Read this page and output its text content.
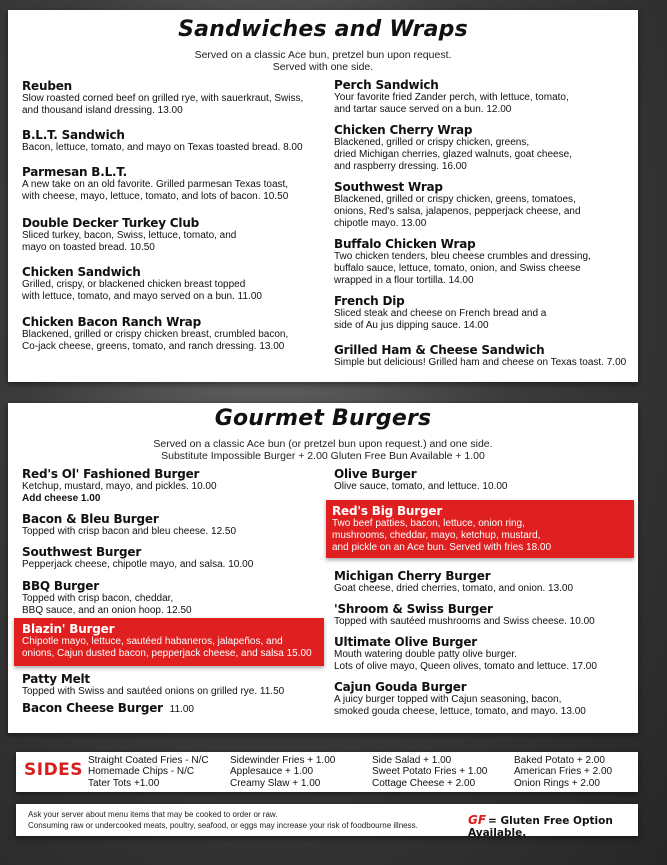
Sandwiches and Wraps
Served on a classic Ace bun, pretzel bun upon request.
Served with one side.
Reuben
Slow roasted corned beef on grilled rye, with sauerkraut, Swiss,
and thousand island dressing. 13.00
B.L.T. Sandwich
Bacon, lettuce, tomato, and mayo on Texas toasted bread. 8.00
Parmesan B.L.T.
A new take on an old favorite. Grilled parmesan Texas toast,
with cheese, mayo, lettuce, tomato, and lots of bacon. 10.50
Double Decker Turkey Club
Sliced turkey, bacon, Swiss, lettuce, tomato, and
mayo on toasted bread. 10.50
Chicken Sandwich
Grilled, crispy, or blackened chicken breast topped
with lettuce, tomato, and mayo served on a bun. 11.00
Chicken Bacon Ranch Wrap
Blackened, grilled or crispy chicken breast, crumbled bacon,
Co-jack cheese, greens, tomato, and ranch dressing. 13.00
Perch Sandwich
Your favorite fried Zander perch, with lettuce, tomato,
and tartar sauce served on a bun. 12.00
Chicken Cherry Wrap
Blackened, grilled or crispy chicken, greens,
dried Michigan cherries, glazed walnuts, goat cheese,
and raspberry dressing. 16.00
Southwest Wrap
Blackened, grilled or crispy chicken, greens, tomatoes,
onions, Red's salsa, jalapenos, pepperjack cheese, and
chipotle mayo. 13.00
Buffalo Chicken Wrap
Two chicken tenders, bleu cheese crumbles and dressing,
buffalo sauce, lettuce, tomato, onion, and Swiss cheese
wrapped in a flour tortilla. 14.00
French Dip
Sliced steak and cheese on French bread and a
side of Au jus dipping sauce. 14.00
Grilled Ham & Cheese Sandwich
Simple but delicious! Grilled ham and cheese on Texas toast. 7.00
Gourmet Burgers
Served on a classic Ace bun (or pretzel bun upon request.) and one side.
Substitute Impossible Burger + 2.00 Gluten Free Bun Available + 1.00
Red's Ol' Fashioned Burger
Ketchup, mustard, mayo, and pickles. 10.00
Add cheese 1.00
Bacon & Bleu Burger
Topped with crisp bacon and bleu cheese. 12.50
Southwest Burger
Pepperjack cheese, chipotle mayo, and salsa. 10.00
BBQ Burger
Topped with crisp bacon, cheddar,
BBQ sauce, and an onion hoop. 12.50
Blazin' Burger
Chipotle mayo, lettuce, sautéed habaneros, jalapeños, and
onions, Cajun dusted bacon, pepperjack cheese, and salsa 15.00
Patty Melt
Topped with Swiss and sautéed onions on grilled rye. 11.50
Bacon Cheese Burger 11.00
Olive Burger
Olive sauce, tomato, and lettuce. 10.00
Red's Big Burger
Two beef patties, bacon, lettuce, onion ring,
mushrooms, cheddar, mayo, ketchup, mustard,
and pickle on an Ace bun. Served with fries 18.00
Michigan Cherry Burger
Goat cheese, dried cherries, tomato, and onion. 13.00
'Shroom & Swiss Burger
Topped with sautéed mushrooms and Swiss cheese. 10.00
Ultimate Olive Burger
Mouth watering double patty olive burger.
Lots of olive mayo, Queen olives, tomato and lettuce. 17.00
Cajun Gouda Burger
A juicy burger topped with Cajun seasoning, bacon,
smoked gouda cheese, lettuce, tomato, and mayo. 13.00
SIDES Straight Coated Fries - N/C
Homemade Chips - N/C
Tater Tots +1.00
Sidewinder Fries + 1.00
Applesauce + 1.00
Creamy Slaw + 1.00
Side Salad + 1.00
Sweet Potato Fries + 1.00
Cottage Cheese + 2.00
Baked Potato + 2.00
American Fries + 2.00
Onion Rings + 2.00
Ask your server about menu items that may be cooked to order or raw.
Consuming raw or undercooked meats, poultry, seafood, or eggs may increase your risk of foodbourne illness.	GF = Gluten Free Option Available.
